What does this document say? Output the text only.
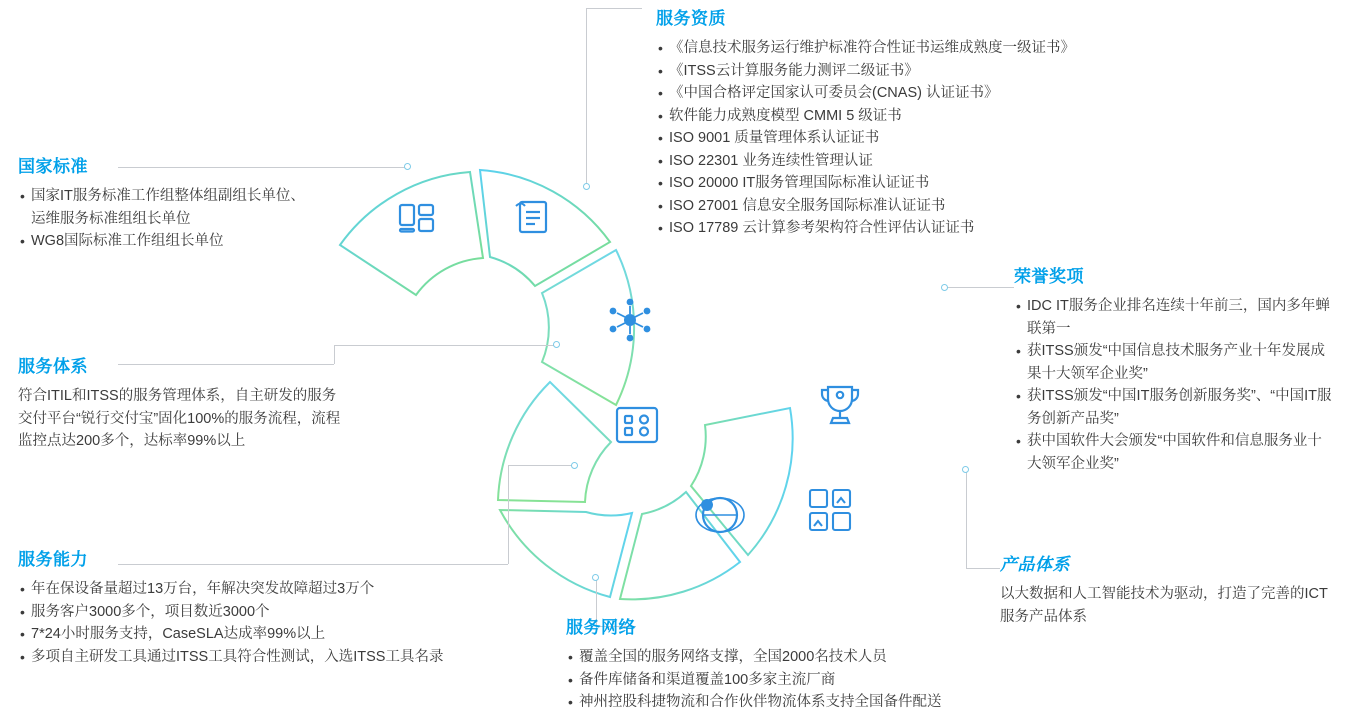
服务资质
• 《信息技术服务运行维护标准符合性证书运维成熟度一级证书》
• 《ITSS云计算服务能力测评二级证书》
• 《中国合格评定国家认可委员会(CNAS) 认证证书》
• 软件能力成熟度模型 CMMI 5 级证书
• ISO 9001 质量管理体系认证证书
• ISO 22301 业务连续性管理认证
• ISO 20000 IT服务管理国际标准认证证书
• ISO 27001 信息安全服务国际标准认证证书
• ISO 17789 云计算参考架构符合性评估认证证书
国家标准
• 国家IT服务标准工作组整体组副组长单位、运维服务标准组组长单位
• WG8国际标准工作组组长单位
荣誉奖项
• IDC IT服务企业排名连续十年前三，国内多年蝉联第一
• 获ITSS颁发“中国信息技术服务产业十年发展成果十大领军企业奖”
• 获ITSS颁发“中国IT服务创新服务奖”、“中国IT服务创新产品奖”
• 获中国软件大会颁发“中国软件和信息服务业十大领军企业奖”
服务体系

符合ITIL和ITSS的服务管理体系，自主研发的服务交付平台“锐行交付宝”固化100%的服务流程，流程监控点达200多个，达标率99%以上

服务能力
• 年在保设备量超过13万台，年解决突发故障超过3万个
• 服务客户3000多个，项目数近3000个
• 7*24小时服务支持，CaseSLA达成率99%以上
• 多项自主研发工具通过ITSS工具符合性测试，入选ITSS工具名录
产品体系

以大数据和人工智能技术为驱动，打造了完善的ICT服务产品体系

服务网络
• 覆盖全国的服务网络支撑，全国2000名技术人员
• 备件库储备和渠道覆盖100多家主流厂商
• 神州控股科捷物流和合作伙伴物流体系支持全国备件配送
